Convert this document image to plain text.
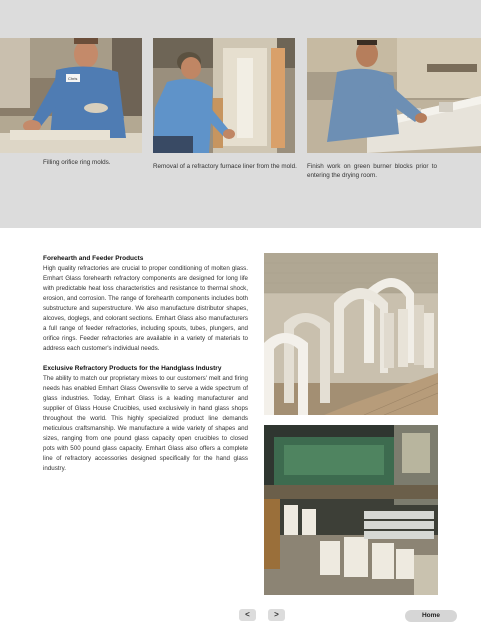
Chris
Filling orifice ring molds.
Removal of a refractory furnace liner from the mold.	Finish work on green burner blocks prior to entering the drying room.
Forehearth and Feeder Products

High quality refractories are crucial to proper conditioning of molten glass. Emhart Glass forehearth refractory components are designed for long life with predictable heat loss characteristics and resistance to thermal shock, erosion, and corrosion. The range of forehearth components includes both substructure and superstructure. We also manufacture distributor shapes, alcoves, doglegs, and colorant sections. Emhart Glass also manufacturers a full range of feeder refractories, including spouts, tubes, plungers, and orifice rings. Feeder refractories are available in a variety of materials to address each customer's individual needs.

Exclusive Refractory Products for the Handglass Industry

The ability to match our proprietary mixes to our customers' melt and firing needs has enabled Emhart Glass Owensville to serve a wide spectrum of glass industries. Today, Emhart Glass is a leading manufacturer and supplier of Glass House Crucibles, used exclusively in hand glass shops throughout the world. This highly specialized product line demands meticulous craftsmanship. We manufacture a wide variety of shapes and sizes, ranging from one pound glass capacity open crucibles to closed pots with 500 pound glass capacity. Emhart Glass also offers a complete line of refractory accessories designed specifically for the hand glass industry.

<	>	Home
